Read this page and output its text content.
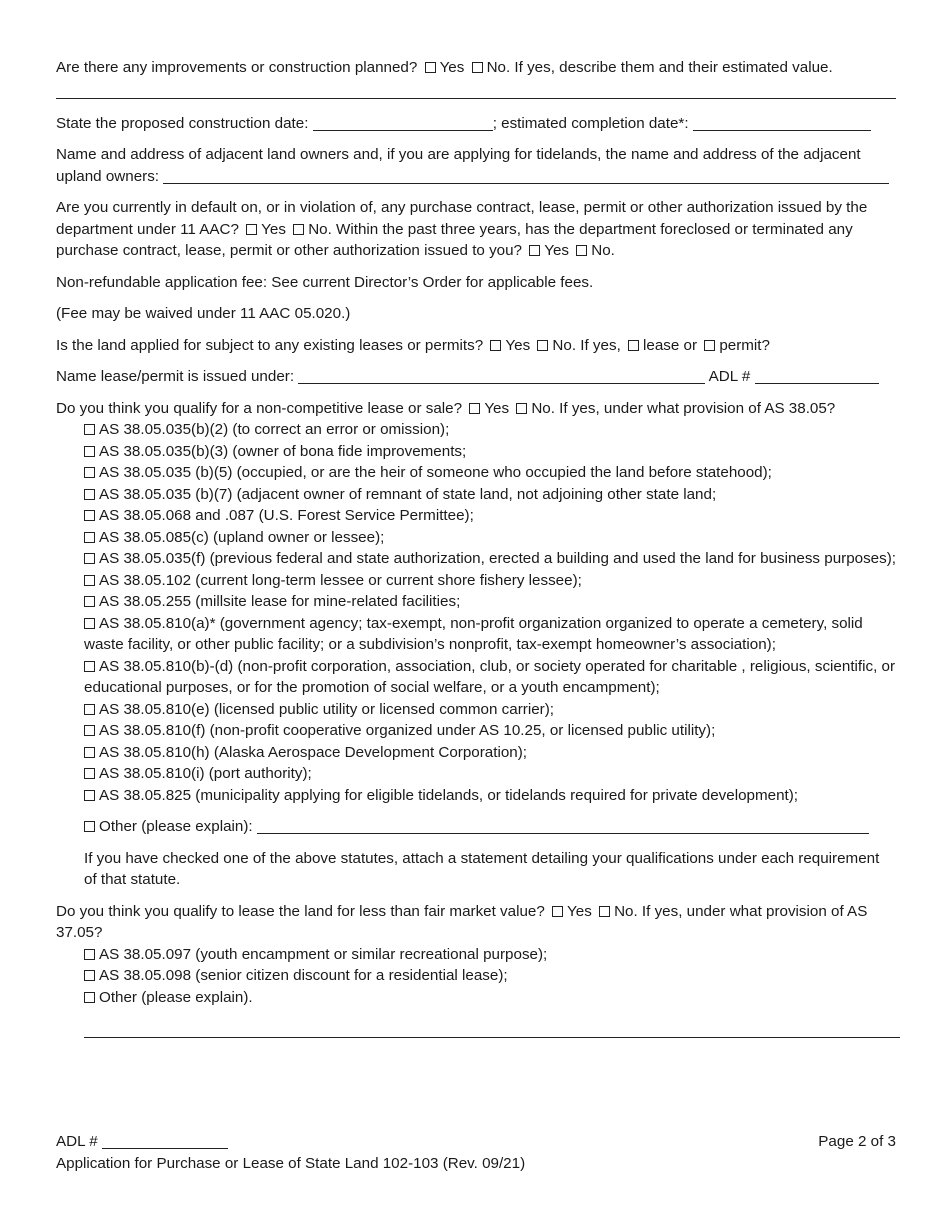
Are there any improvements or construction planned? Yes No. If yes, describe them and their estimated value.
State the proposed construction date:	; estimated completion date*:
Name and address of adjacent land owners and, if you are applying for tidelands, the name and address of the adjacent upland owners:
Are you currently in default on, or in violation of, any purchase contract, lease, permit or other authorization issued by the department under 11 AAC? Yes No. Within the past three years, has the department foreclosed or terminated any purchase contract, lease, permit or other authorization issued to you? Yes No.
Non-refundable application fee: See current Director’s Order for applicable fees.
(Fee may be waived under 11 AAC 05.020.)
Is the land applied for subject to any existing leases or permits? Yes No. If yes, lease or permit?
Name lease/permit is issued under:	ADL #
Do you think you qualify for a non-competitive lease or sale? Yes No. If yes, under what provision of AS 38.05?
AS 38.05.035(b)(2) (to correct an error or omission);
AS 38.05.035(b)(3) (owner of bona fide improvements;
AS 38.05.035 (b)(5) (occupied, or are the heir of someone who occupied the land before statehood);
AS 38.05.035 (b)(7) (adjacent owner of remnant of state land, not adjoining other state land;
AS 38.05.068 and .087 (U.S. Forest Service Permittee);
AS 38.05.085(c) (upland owner or lessee);
AS 38.05.035(f) (previous federal and state authorization, erected a building and used the land for business purposes);
AS 38.05.102 (current long-term lessee or current shore fishery lessee);
AS 38.05.255 (millsite lease for mine-related facilities;
AS 38.05.810(a)* (government agency; tax-exempt, non-profit organization organized to operate a cemetery, solid waste facility, or other public facility; or a subdivision’s nonprofit, tax-exempt homeowner’s association);
AS 38.05.810(b)-(d) (non-profit corporation, association, club, or society operated for charitable , religious, scientific, or educational purposes, or for the promotion of social welfare, or a youth encampment);
AS 38.05.810(e) (licensed public utility or licensed common carrier);
AS 38.05.810(f) (non-profit cooperative organized under AS 10.25, or licensed public utility);
AS 38.05.810(h) (Alaska Aerospace Development Corporation);
AS 38.05.810(i) (port authority);
AS 38.05.825 (municipality applying for eligible tidelands, or tidelands required for private development);
Other (please explain):
If you have checked one of the above statutes, attach a statement detailing your qualifications under each requirement of that statute.
Do you think you qualify to lease the land for less than fair market value? Yes No. If yes, under what provision of AS 37.05?
AS 38.05.097 (youth encampment or similar recreational purpose);
AS 38.05.098 (senior citizen discount for a residential lease);
Other (please explain).
ADL #	Page 2 of 3
Application for Purchase or Lease of State Land 102-103 (Rev. 09/21)
